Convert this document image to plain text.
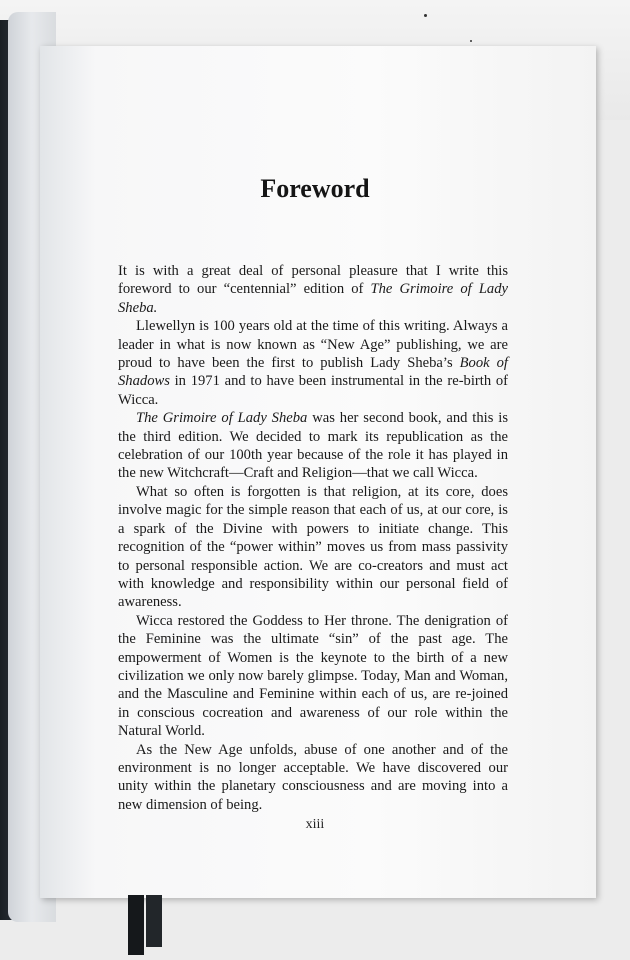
Foreword

It is with a great deal of personal pleasure that I write this foreword to our “centennial” edition of The Grimoire of Lady Sheba.

Llewellyn is 100 years old at the time of this writing. Always a leader in what is now known as “New Age” publishing, we are proud to have been the first to publish Lady Sheba’s Book of Shadows in 1971 and to have been instrumental in the re-birth of Wicca.

The Grimoire of Lady Sheba was her second book, and this is the third edition. We decided to mark its republication as the celebration of our 100th year because of the role it has played in the new Witchcraft—Craft and Religion—that we call Wicca.

What so often is forgotten is that religion, at its core, does involve magic for the simple reason that each of us, at our core, is a spark of the Divine with powers to initiate change. This recognition of the “power within” moves us from mass passivity to personal responsible action. We are co-creators and must act with knowledge and responsibility within our personal field of awareness.

Wicca restored the Goddess to Her throne. The denigration of the Feminine was the ultimate “sin” of the past age. The empowerment of Women is the keynote to the birth of a new civilization we only now barely glimpse. Today, Man and Woman, and the Masculine and Feminine within each of us, are re-joined in conscious cocreation and awareness of our role within the Natural World.

As the New Age unfolds, abuse of one another and of the environment is no longer acceptable. We have discovered our unity within the planetary consciousness and are moving into a new dimension of being.

xiii
